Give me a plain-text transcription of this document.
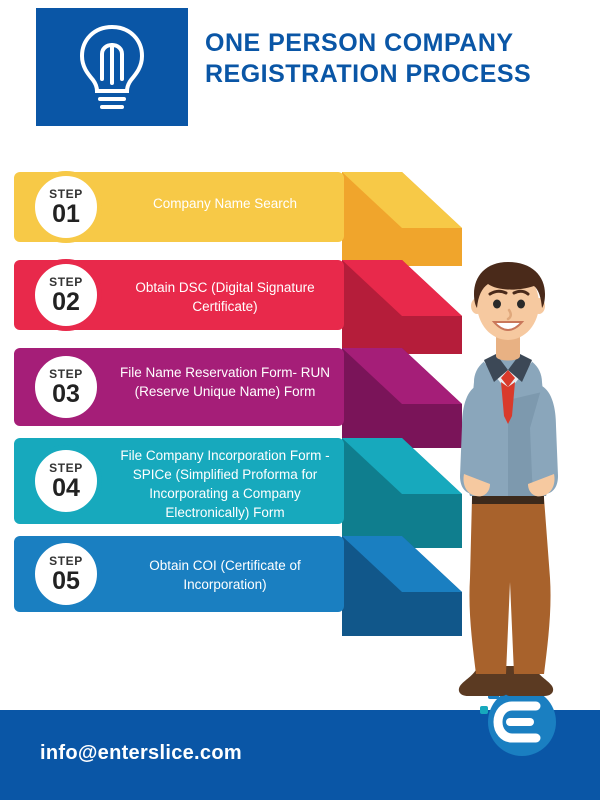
ONE PERSON COMPANY
REGISTRATION PROCESS
STEP
01	Company Name Search
STEP
02	Obtain DSC (Digital Signature Certificate)
STEP
03
File Name Reservation Form- RUN (Reserve Unique Name) Form
STEP
04
File Company Incorporation Form - SPICe (Simplified Proforma for Incorporating a Company Electronically) Form
STEP
05
Obtain COI (Certificate of Incorporation)
info@enterslice.com
